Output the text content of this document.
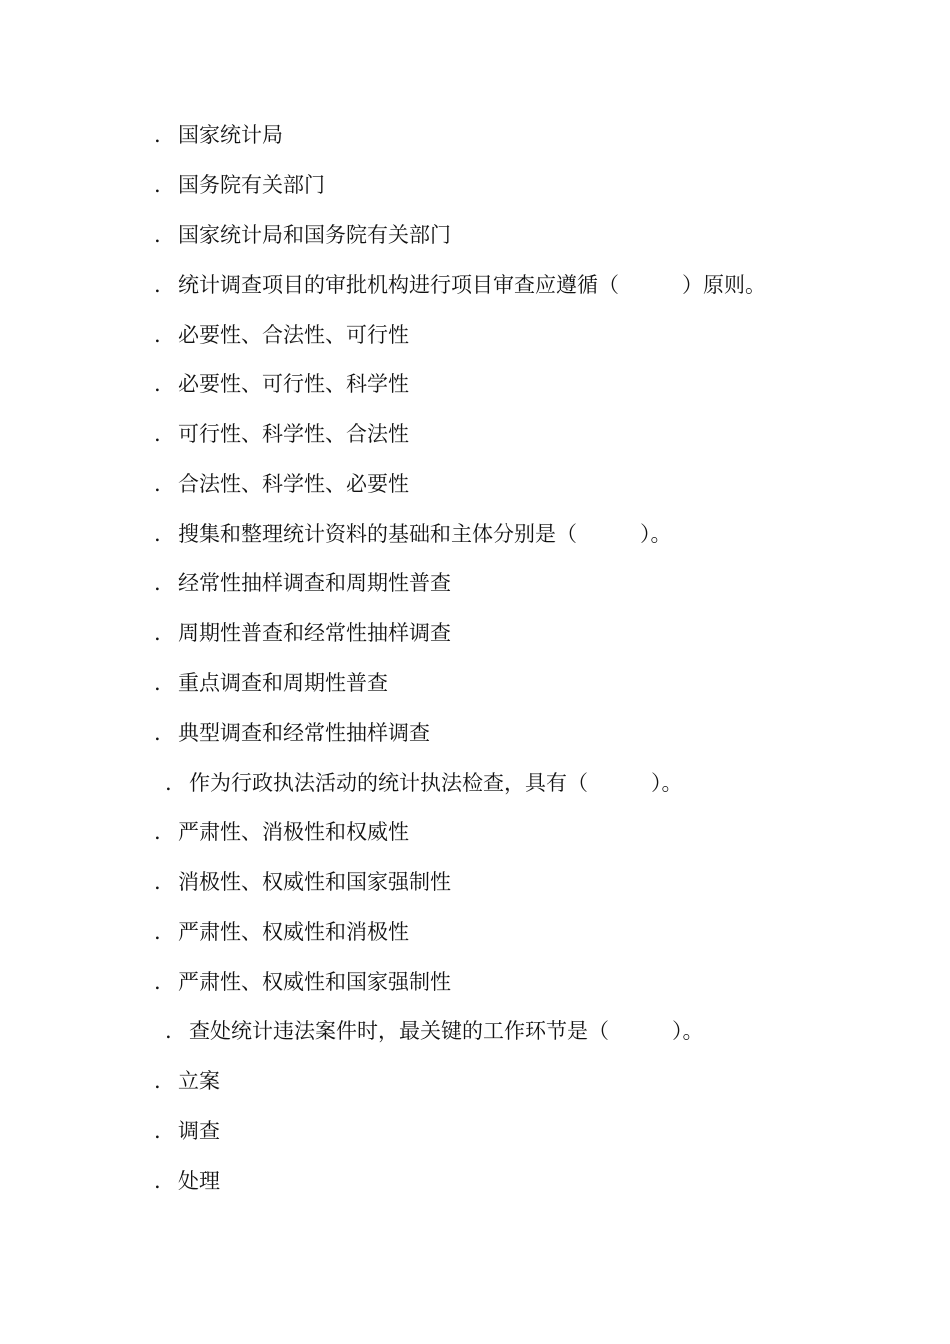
. 国家统计局
. 国务院有关部门
. 国家统计局和国务院有关部门
. 统计调查项目的审批机构进行项目审查应遵循（　　　）原则。
. 必要性、合法性、可行性
. 必要性、可行性、科学性
. 可行性、科学性、合法性
. 合法性、科学性、必要性
. 搜集和整理统计资料的基础和主体分别是（　　　）。
. 经常性抽样调查和周期性普查
. 周期性普查和经常性抽样调查
. 重点调查和周期性普查
. 典型调查和经常性抽样调查
. 作为行政执法活动的统计执法检查，具有（　　　）。
. 严肃性、消极性和权威性
. 消极性、权威性和国家强制性
. 严肃性、权威性和消极性
. 严肃性、权威性和国家强制性
. 查处统计违法案件时，最关键的工作环节是（　　　）。
. 立案
. 调查
. 处理
